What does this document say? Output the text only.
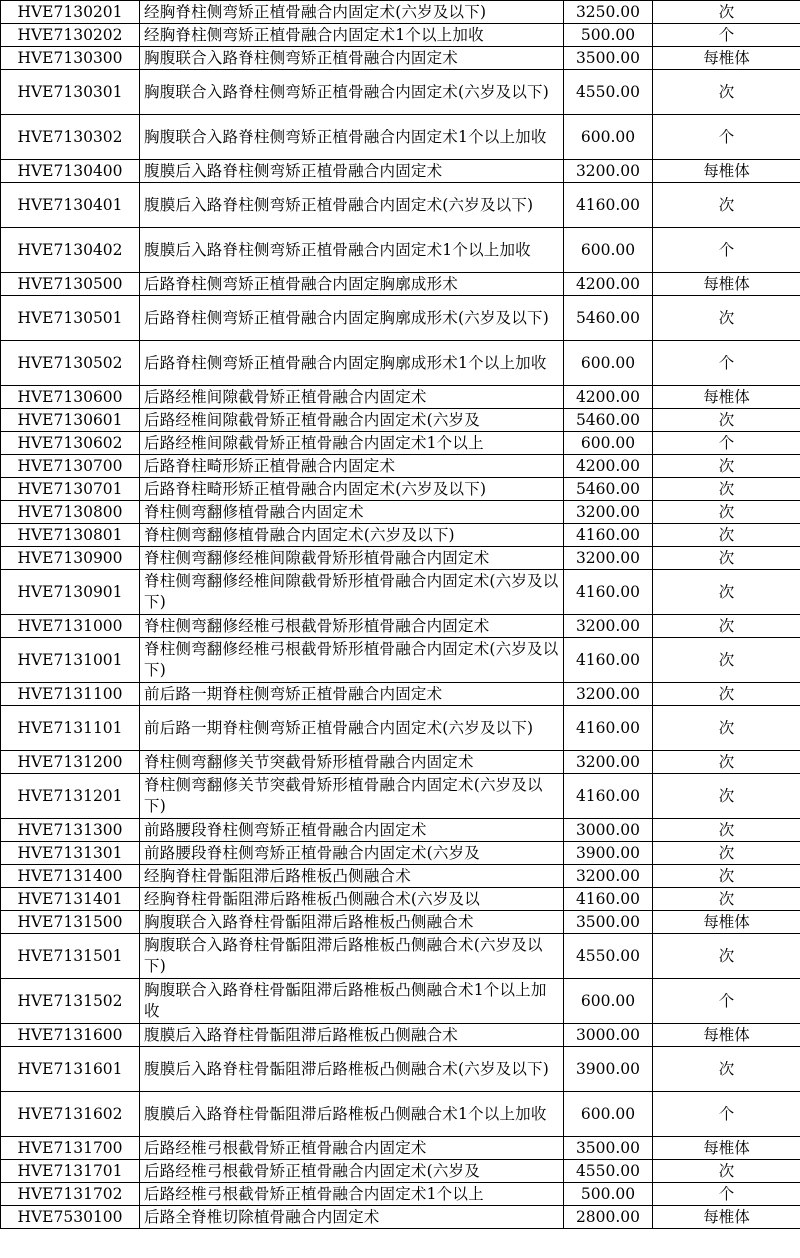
HVE7130201	经胸脊柱侧弯矫正植骨融合内固定术(六岁及以下)	3250.00	次
HVE7130202	经胸脊柱侧弯矫正植骨融合内固定术1个以上加收	500.00	个
HVE7130300	胸腹联合入路脊柱侧弯矫正植骨融合内固定术	3500.00	每椎体
HVE7130301	胸腹联合入路脊柱侧弯矫正植骨融合内固定术(六岁及以下)	4550.00	次
HVE7130302	胸腹联合入路脊柱侧弯矫正植骨融合内固定术1个以上加收	600.00	个
HVE7130400	腹膜后入路脊柱侧弯矫正植骨融合内固定术	3200.00	每椎体
HVE7130401	腹膜后入路脊柱侧弯矫正植骨融合内固定术(六岁及以下)	4160.00	次
HVE7130402	腹膜后入路脊柱侧弯矫正植骨融合内固定术1个以上加收	600.00	个
HVE7130500	后路脊柱侧弯矫正植骨融合内固定胸廓成形术	4200.00	每椎体
HVE7130501	后路脊柱侧弯矫正植骨融合内固定胸廓成形术(六岁及以下)	5460.00	次
HVE7130502	后路脊柱侧弯矫正植骨融合内固定胸廓成形术1个以上加收	600.00	个
HVE7130600	后路经椎间隙截骨矫正植骨融合内固定术	4200.00	每椎体
HVE7130601	后路经椎间隙截骨矫正植骨融合内固定术(六岁及	5460.00	次
HVE7130602	后路经椎间隙截骨矫正植骨融合内固定术1个以上	600.00	个
HVE7130700	后路脊柱畸形矫正植骨融合内固定术	4200.00	次
HVE7130701	后路脊柱畸形矫正植骨融合内固定术(六岁及以下)	5460.00	次
HVE7130800	脊柱侧弯翻修植骨融合内固定术	3200.00	次
HVE7130801	脊柱侧弯翻修植骨融合内固定术(六岁及以下)	4160.00	次
HVE7130900	脊柱侧弯翻修经椎间隙截骨矫形植骨融合内固定术	3200.00	次
HVE7130901	脊柱侧弯翻修经椎间隙截骨矫形植骨融合内固定术(六岁及以下)	4160.00	次
HVE7131000	脊柱侧弯翻修经椎弓根截骨矫形植骨融合内固定术	3200.00	次
HVE7131001	脊柱侧弯翻修经椎弓根截骨矫形植骨融合内固定术(六岁及以下)	4160.00	次
HVE7131100	前后路一期脊柱侧弯矫正植骨融合内固定术	3200.00	次
HVE7131101	前后路一期脊柱侧弯矫正植骨融合内固定术(六岁及以下)	4160.00	次
HVE7131200	脊柱侧弯翻修关节突截骨矫形植骨融合内固定术	3200.00	次
HVE7131201	脊柱侧弯翻修关节突截骨矫形植骨融合内固定术(六岁及以下)	4160.00	次
HVE7131300	前路腰段脊柱侧弯矫正植骨融合内固定术	3000.00	次
HVE7131301	前路腰段脊柱侧弯矫正植骨融合内固定术(六岁及	3900.00	次
HVE7131400	经胸脊柱骨骺阻滞后路椎板凸侧融合术	3200.00	次
HVE7131401	经胸脊柱骨骺阻滞后路椎板凸侧融合术(六岁及以	4160.00	次
HVE7131500	胸腹联合入路脊柱骨骺阻滞后路椎板凸侧融合术	3500.00	每椎体
HVE7131501	胸腹联合入路脊柱骨骺阻滞后路椎板凸侧融合术(六岁及以下)	4550.00	次
HVE7131502	胸腹联合入路脊柱骨骺阻滞后路椎板凸侧融合术1个以上加收	600.00	个
HVE7131600	腹膜后入路脊柱骨骺阻滞后路椎板凸侧融合术	3000.00	每椎体
HVE7131601	腹膜后入路脊柱骨骺阻滞后路椎板凸侧融合术(六岁及以下)	3900.00	次
HVE7131602	腹膜后入路脊柱骨骺阻滞后路椎板凸侧融合术1个以上加收	600.00	个
HVE7131700	后路经椎弓根截骨矫正植骨融合内固定术	3500.00	每椎体
HVE7131701	后路经椎弓根截骨矫正植骨融合内固定术(六岁及	4550.00	次
HVE7131702	后路经椎弓根截骨矫正植骨融合内固定术1个以上	500.00	个
HVE7530100	后路全脊椎切除植骨融合内固定术	2800.00	每椎体
